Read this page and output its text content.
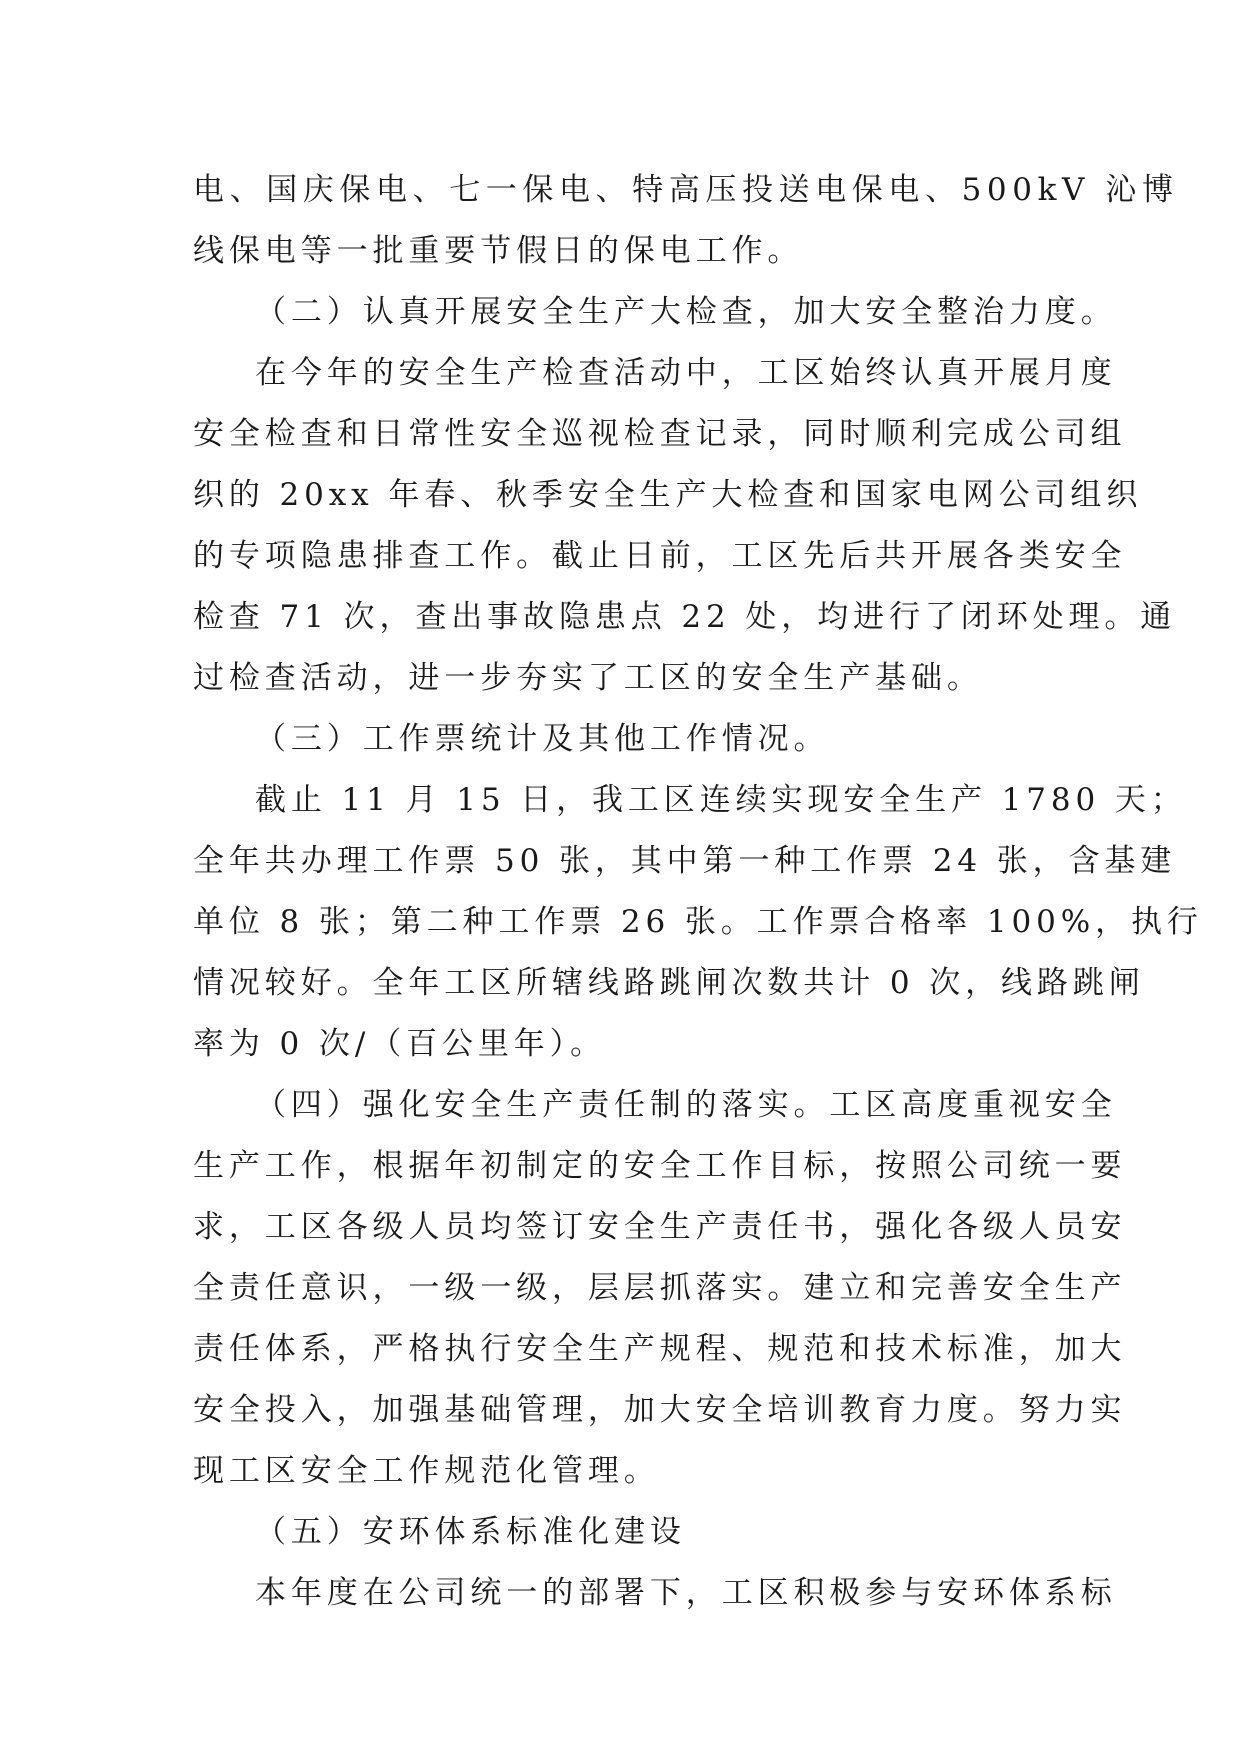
电、国庆保电、七一保电、特高压投送电保电、500kV 沁博
线保电等一批重要节假日的保电工作。
（二）认真开展安全生产大检查，加大安全整治力度。
在今年的安全生产检查活动中，工区始终认真开展月度
安全检查和日常性安全巡视检查记录，同时顺利完成公司组
织的 20xx 年春、秋季安全生产大检查和国家电网公司组织
的专项隐患排查工作。截止日前，工区先后共开展各类安全
检查 71 次，查出事故隐患点 22 处，均进行了闭环处理。通
过检查活动，进一步夯实了工区的安全生产基础。
（三）工作票统计及其他工作情况。
截止 11 月 15 日，我工区连续实现安全生产 1780 天；
全年共办理工作票 50 张，其中第一种工作票 24 张，含基建
单位 8 张；第二种工作票 26 张。工作票合格率 100%，执行
情况较好。全年工区所辖线路跳闸次数共计 0 次，线路跳闸
率为 0 次/（百公里年）。
（四）强化安全生产责任制的落实。工区高度重视安全
生产工作，根据年初制定的安全工作目标，按照公司统一要
求，工区各级人员均签订安全生产责任书，强化各级人员安
全责任意识，一级一级，层层抓落实。建立和完善安全生产
责任体系，严格执行安全生产规程、规范和技术标准，加大
安全投入，加强基础管理，加大安全培训教育力度。努力实
现工区安全工作规范化管理。
（五）安环体系标准化建设
本年度在公司统一的部署下，工区积极参与安环体系标
